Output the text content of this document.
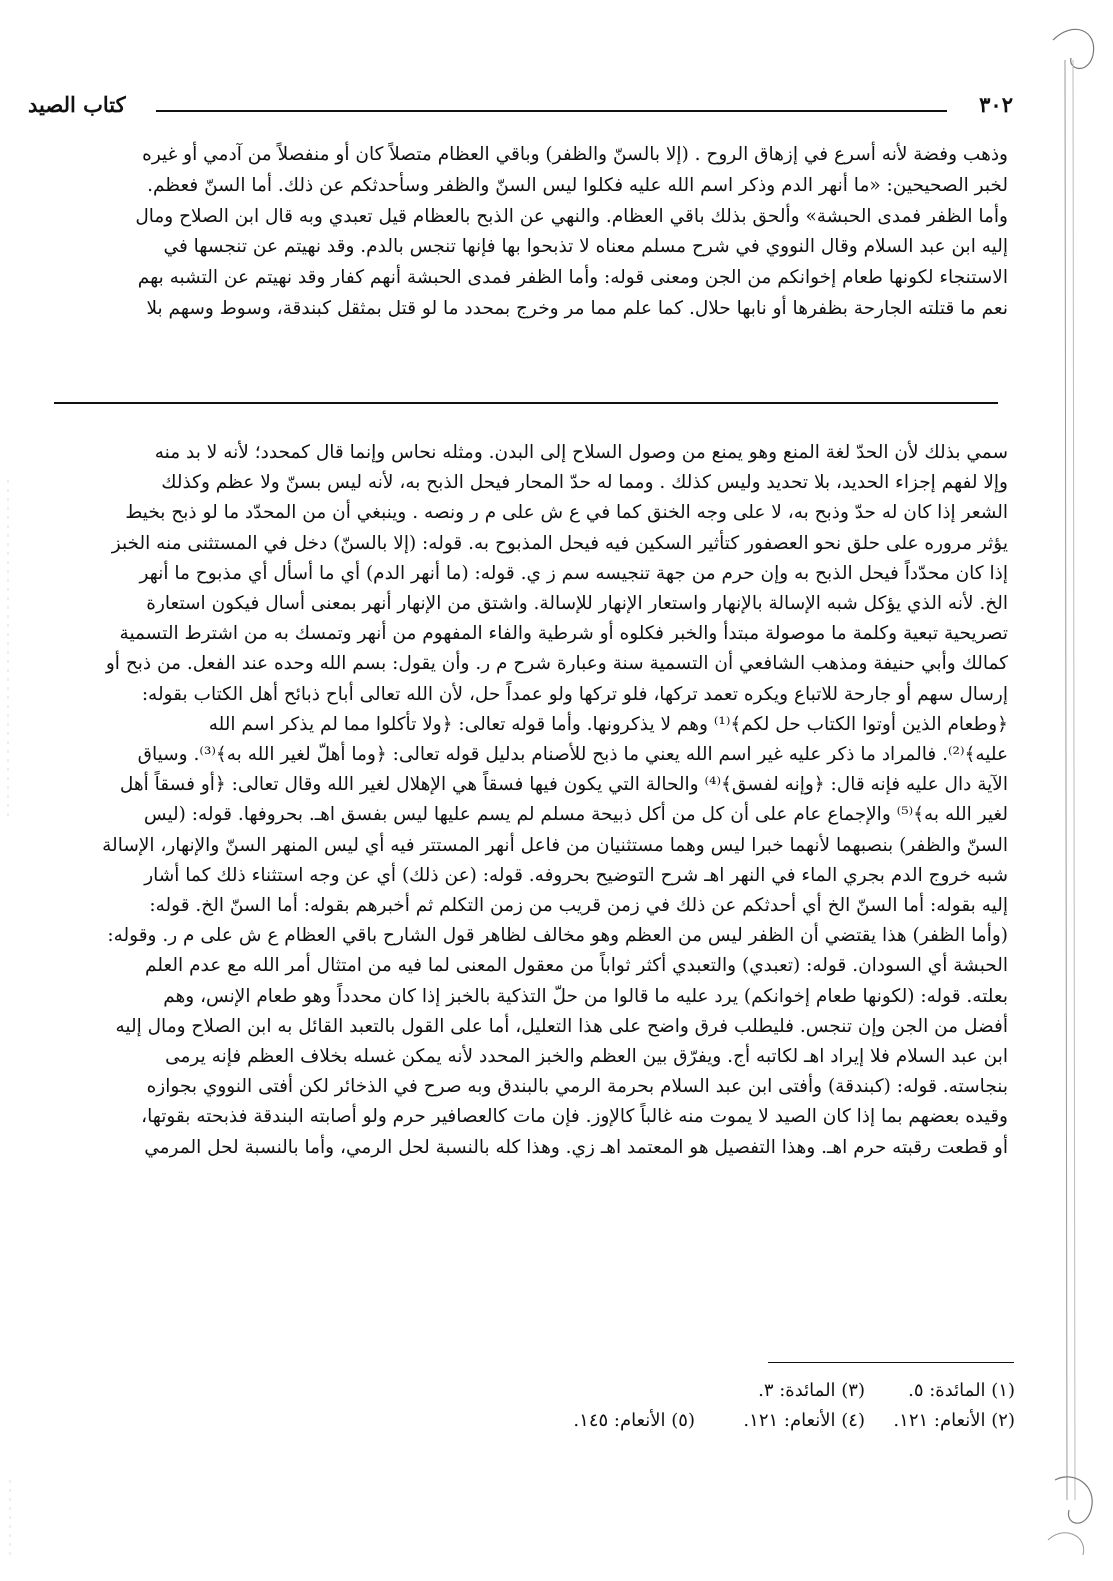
٣٠٢
كتاب الصيد

وذهب وفضة لأنه أسرع في إزهاق الروح . (إلا بالسنّ والظفر) وباقي العظام متصلاً كان أو منفصلاً من آدمي أو غيره

لخبر الصحيحين: «ما أنهر الدم وذكر اسم الله عليه فكلوا ليس السنّ والظفر وسأحدثكم عن ذلك. أما السنّ فعظم.

وأما الظفر فمدى الحبشة» وألحق بذلك باقي العظام. والنهي عن الذبح بالعظام قيل تعبدي وبه قال ابن الصلاح ومال

إليه ابن عبد السلام وقال النووي في شرح مسلم معناه لا تذبحوا بها فإنها تنجس بالدم. وقد نهيتم عن تنجسها في

الاستنجاء لكونها طعام إخوانكم من الجن ومعنى قوله: وأما الظفر فمدى الحبشة أنهم كفار وقد نهيتم عن التشبه بهم

نعم ما قتلته الجارحة بظفرها أو نابها حلال. كما علم مما مر وخرج بمحدد ما لو قتل بمثقل كبندقة، وسوط وسهم بلا

سمي بذلك لأن الحدّ لغة المنع وهو يمنع من وصول السلاح إلى البدن. ومثله نحاس وإنما قال كمحدد؛ لأنه لا بد منه

وإلا لفهم إجزاء الحديد، بلا تحديد وليس كذلك . ومما له حدّ المحار فيحل الذبح به، لأنه ليس بسنّ ولا عظم وكذلك

الشعر إذا كان له حدّ وذبح به، لا على وجه الخنق كما في ع ش على م ر ونصه . وينبغي أن من المحدّد ما لو ذبح بخيط

يؤثر مروره على حلق نحو العصفور كتأثير السكين فيه فيحل المذبوح به. قوله: (إلا بالسنّ) دخل في المستثنى منه الخبز

إذا كان محدّداً فيحل الذبح به وإن حرم من جهة تنجيسه سم ز ي. قوله: (ما أنهر الدم) أي ما أسأل أي مذبوح ما أنهر

الخ. لأنه الذي يؤكل شبه الإسالة بالإنهار واستعار الإنهار للإسالة. واشتق من الإنهار أنهر بمعنى أسال فيكون استعارة

تصريحية تبعية وكلمة ما موصولة مبتدأ والخبر فكلوه أو شرطية والفاء المفهوم من أنهر وتمسك به من اشترط التسمية

كمالك وأبي حنيفة ومذهب الشافعي أن التسمية سنة وعبارة شرح م ر. وأن يقول: بسم الله وحده عند الفعل. من ذبح أو

إرسال سهم أو جارحة للاتباع ويكره تعمد تركها، فلو تركها ولو عمداً حل، لأن الله تعالى أباح ذبائح أهل الكتاب بقوله:

﴿وطعام الذين أوتوا الكتاب حل لكم﴾⁽¹⁾ وهم لا يذكرونها. وأما قوله تعالى: ﴿ولا تأكلوا مما لم يذكر اسم الله

عليه﴾⁽²⁾. فالمراد ما ذكر عليه غير اسم الله يعني ما ذبح للأصنام بدليل قوله تعالى: ﴿وما أهلّ لغير الله به﴾⁽³⁾. وسياق

الآية دال عليه فإنه قال: ﴿وإنه لفسق﴾⁽⁴⁾ والحالة التي يكون فيها فسقاً هي الإهلال لغير الله وقال تعالى: ﴿أو فسقاً أهل

لغير الله به﴾⁽⁵⁾ والإجماع عام على أن كل من أكل ذبيحة مسلم لم يسم عليها ليس بفسق اهـ. بحروفها. قوله: (ليس

السنّ والظفر) بنصبهما لأنهما خبرا ليس وهما مستثنيان من فاعل أنهر المستتر فيه أي ليس المنهر السنّ والإنهار، الإسالة

شبه خروج الدم بجري الماء في النهر اهـ شرح التوضيح بحروفه. قوله: (عن ذلك) أي عن وجه استثناء ذلك كما أشار

إليه بقوله: أما السنّ الخ أي أحدثكم عن ذلك في زمن قريب من زمن التكلم ثم أخبرهم بقوله: أما السنّ الخ. قوله:

(وأما الظفر) هذا يقتضي أن الظفر ليس من العظم وهو مخالف لظاهر قول الشارح باقي العظام ع ش على م ر. وقوله:

الحبشة أي السودان. قوله: (تعبدي) والتعبدي أكثر ثواباً من معقول المعنى لما فيه من امتثال أمر الله مع عدم العلم

بعلته. قوله: (لكونها طعام إخوانكم) يرد عليه ما قالوا من حلّ التذكية بالخبز إذا كان محدداً وهو طعام الإنس، وهم

أفضل من الجن وإن تنجس. فليطلب فرق واضح على هذا التعليل، أما على القول بالتعبد القائل به ابن الصلاح ومال إليه

ابن عبد السلام فلا إيراد اهـ لكاتبه أج. ويفرّق بين العظم والخبز المحدد لأنه يمكن غسله بخلاف العظم فإنه يرمى

بنجاسته. قوله: (كبندقة) وأفتى ابن عبد السلام بحرمة الرمي بالبندق وبه صرح في الذخائر لكن أفتى النووي بجوازه

وقيده بعضهم بما إذا كان الصيد لا يموت منه غالباً كالإوز. فإن مات كالعصافير حرم ولو أصابته البندقة فذبحته بقوتها،

أو قطعت رقبته حرم اهـ. وهذا التفصيل هو المعتمد اهـ زي. وهذا كله بالنسبة لحل الرمي، وأما بالنسبة لحل المرمي

(١) المائدة: ٥.
(٣) المائدة: ٣.
(٢) الأنعام: ١٢١.
(٤) الأنعام: ١٢١.
(٥) الأنعام: ١٤٥.
